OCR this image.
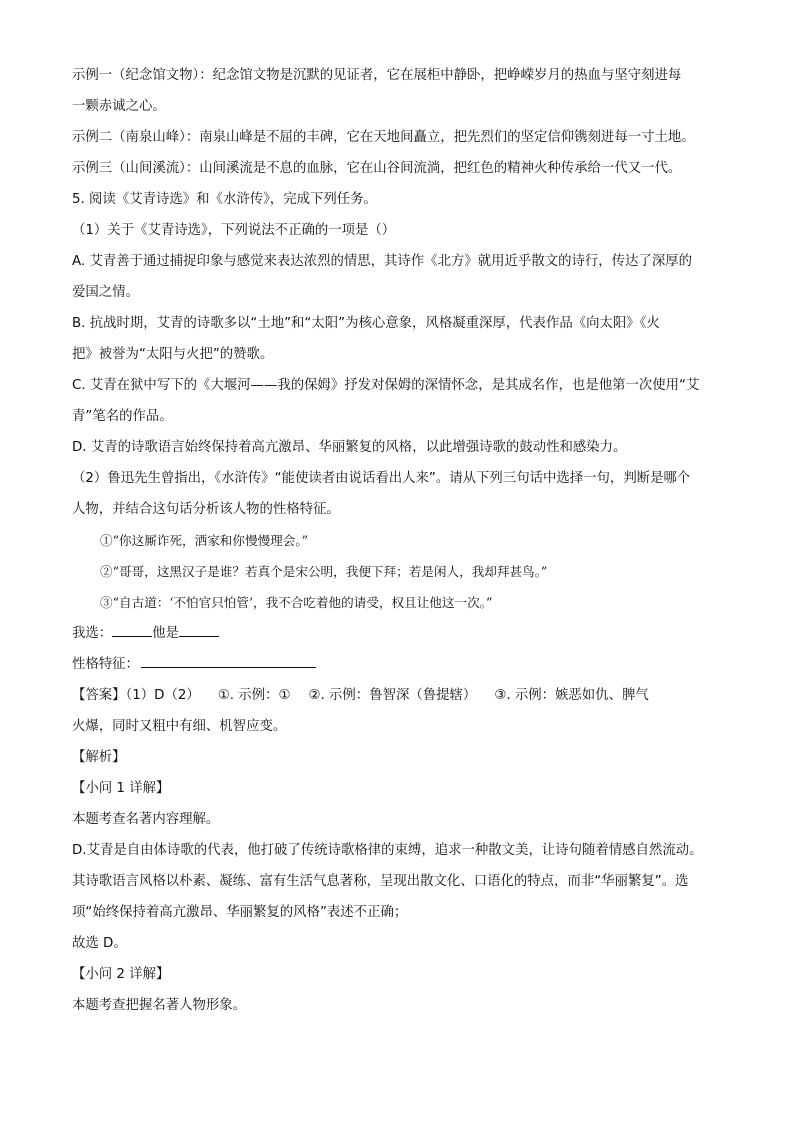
示例一（纪念馆文物）：纪念馆文物是沉默的见证者，它在展柜中静卧，把峥嵘岁月的热血与坚守刻进每
一颗赤诚之心。
示例二（南泉山峰）：南泉山峰是不屈的丰碑，它在天地间矗立，把先烈们的坚定信仰镌刻进每一寸土地。
示例三（山间溪流）：山间溪流是不息的血脉，它在山谷间流淌，把红色的精神火种传承给一代又一代。
5. 阅读《艾青诗选》和《水浒传》，完成下列任务。
（1）关于《艾青诗选》，下列说法不正确的一项是（）
A. 艾青善于通过捕捉印象与感觉来表达浓烈的情思，其诗作《北方》就用近乎散文的诗行，传达了深厚的
爱国之情。
B. 抗战时期，艾青的诗歌多以“土地”和“太阳”为核心意象，风格凝重深厚，代表作品《向太阳》《火
把》被誉为“太阳与火把”的赞歌。
C. 艾青在狱中写下的《大堰河——我的保姆》抒发对保姆的深情怀念，是其成名作，也是他第一次使用“艾
青”笔名的作品。
D. 艾青的诗歌语言始终保持着高亢激昂、华丽繁复的风格，以此增强诗歌的鼓动性和感染力。
（2）鲁迅先生曾指出，《水浒传》“能使读者由说话看出人来”。请从下列三句话中选择一句，判断是哪个
人物，并结合这句话分析该人物的性格特征。
①“你这厮诈死，洒家和你慢慢理会。”
②“哥哥，这黑汉子是谁？若真个是宋公明，我便下拜；若是闲人，我却拜甚鸟。”
③“自古道：‘不怕官只怕管’，我不合吃着他的请受，权且让他这一次。”
我选：	他是
性格特征：
【答案】（1）D（2） ①. 示例：① ②. 示例：鲁智深（鲁提辖） ③. 示例：嫉恶如仇、脾气
火爆，同时又粗中有细、机智应变。
【解析】
【小问 1 详解】
本题考查名著内容理解。
D.艾青是自由体诗歌的代表，他打破了传统诗歌格律的束缚，追求一种散文美，让诗句随着情感自然流动。
其诗歌语言风格以朴素、凝练、富有生活气息著称，呈现出散文化、口语化的特点，而非“华丽繁复”。选
项“始终保持着高亢激昂、华丽繁复的风格”表述不正确；
故选 D。
【小问 2 详解】
本题考查把握名著人物形象。
